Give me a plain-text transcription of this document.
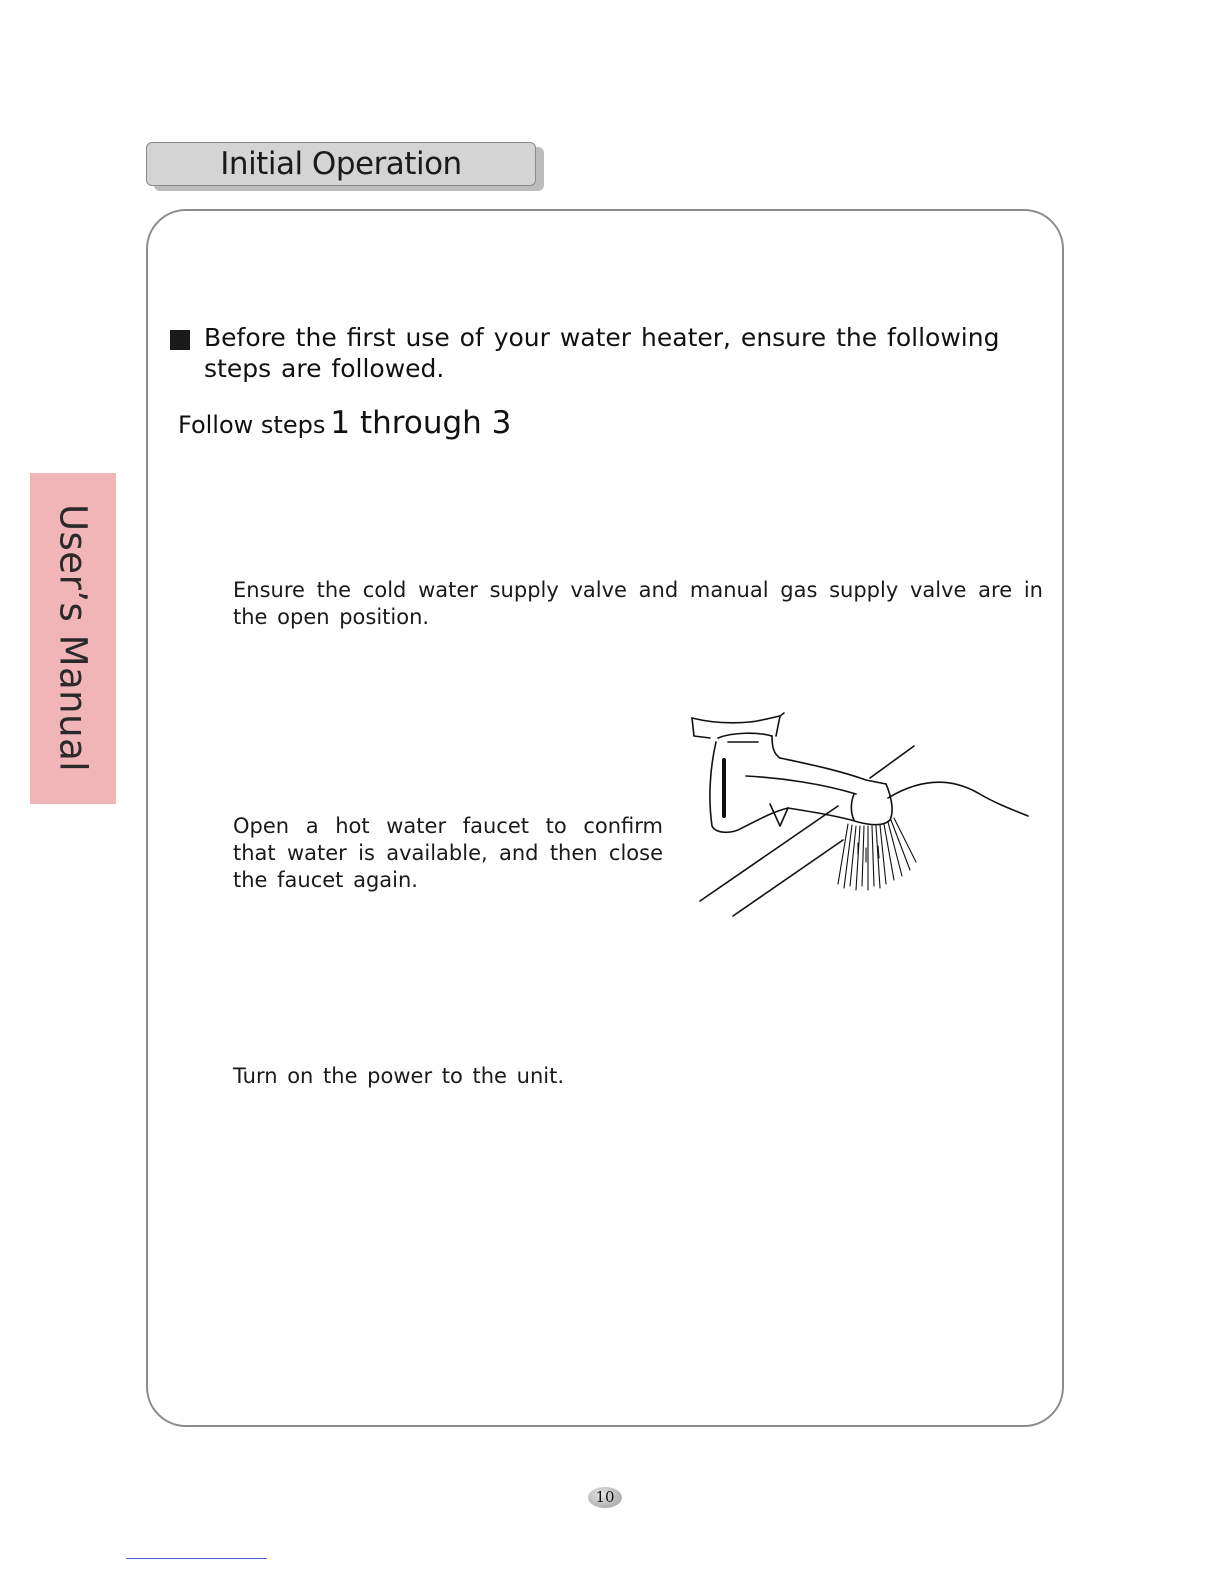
Initial Operation
User’s Manual
Before the first use of your water heater, ensure the following steps are followed.
Follow steps 1 through 3
Ensure the cold water supply valve and manual gas supply valve are in the open position.
Open a hot water faucet to confirm that water is available, and then close the faucet again.
Turn on the power to the unit.
10
